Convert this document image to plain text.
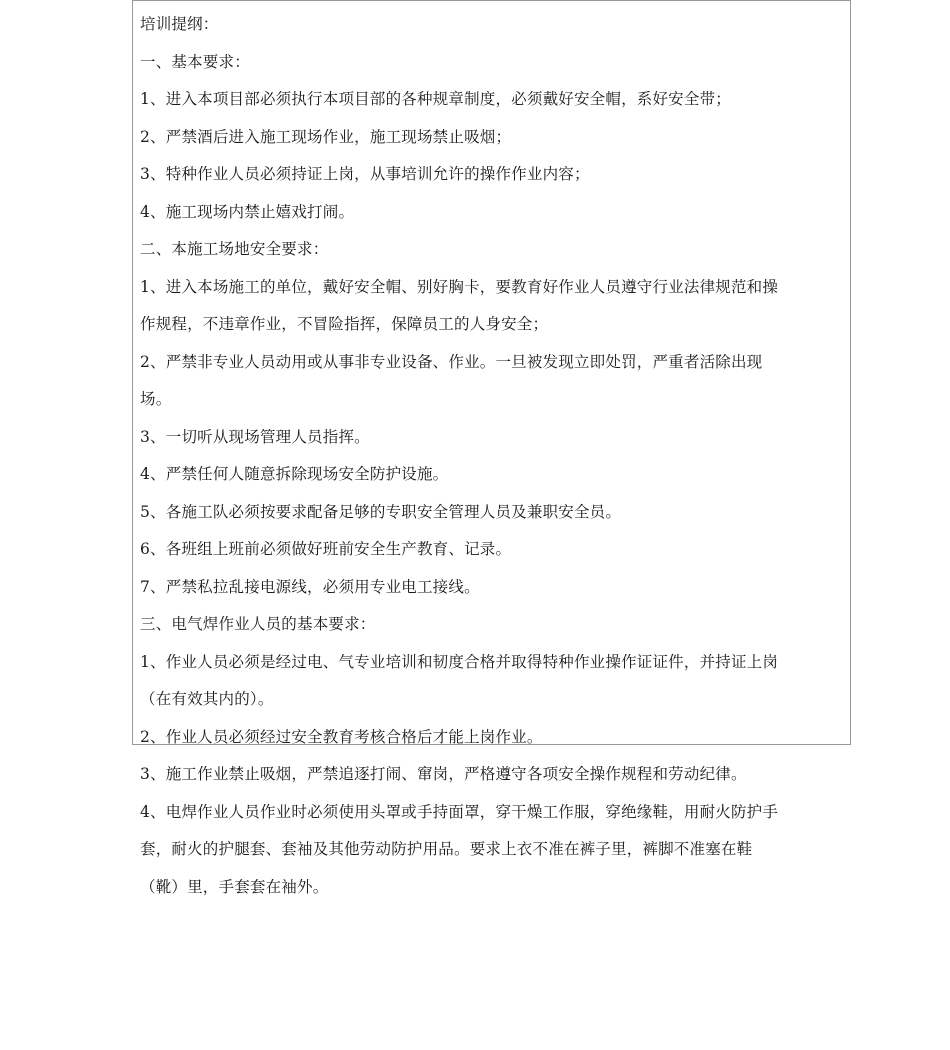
培训提纲：
一、基本要求：
1、进入本项目部必须执行本项目部的各种规章制度，必须戴好安全帽，系好安全带；
2、严禁酒后进入施工现场作业，施工现场禁止吸烟；
3、特种作业人员必须持证上岗，从事培训允许的操作作业内容；
4、施工现场内禁止嬉戏打闹。
二、本施工场地安全要求：
1、进入本场施工的单位，戴好安全帽、别好胸卡，要教育好作业人员遵守行业法律规范和操
作规程，不违章作业，不冒险指挥，保障员工的人身安全；
2、严禁非专业人员动用或从事非专业设备、作业。一旦被发现立即处罚，严重者活除出现
场。
3、一切听从现场管理人员指挥。
4、严禁任何人随意拆除现场安全防护设施。
5、各施工队必须按要求配备足够的专职安全管理人员及兼职安全员。
6、各班组上班前必须做好班前安全生产教育、记录。
7、严禁私拉乱接电源线，必须用专业电工接线。
三、电气焊作业人员的基本要求：
1、作业人员必须是经过电、气专业培训和韧度合格并取得特种作业操作证证件，并持证上岗
（在有效其内的）。
2、作业人员必须经过安全教育考核合格后才能上岗作业。
3、施工作业禁止吸烟，严禁追逐打闹、窜岗，严格遵守各项安全操作规程和劳动纪律。
4、电焊作业人员作业时必须使用头罩或手持面罩，穿干燥工作服，穿绝缘鞋，用耐火防护手
套，耐火的护腿套、套袖及其他劳动防护用品。要求上衣不准在裤子里，裤脚不准塞在鞋
（靴）里，手套套在袖外。
